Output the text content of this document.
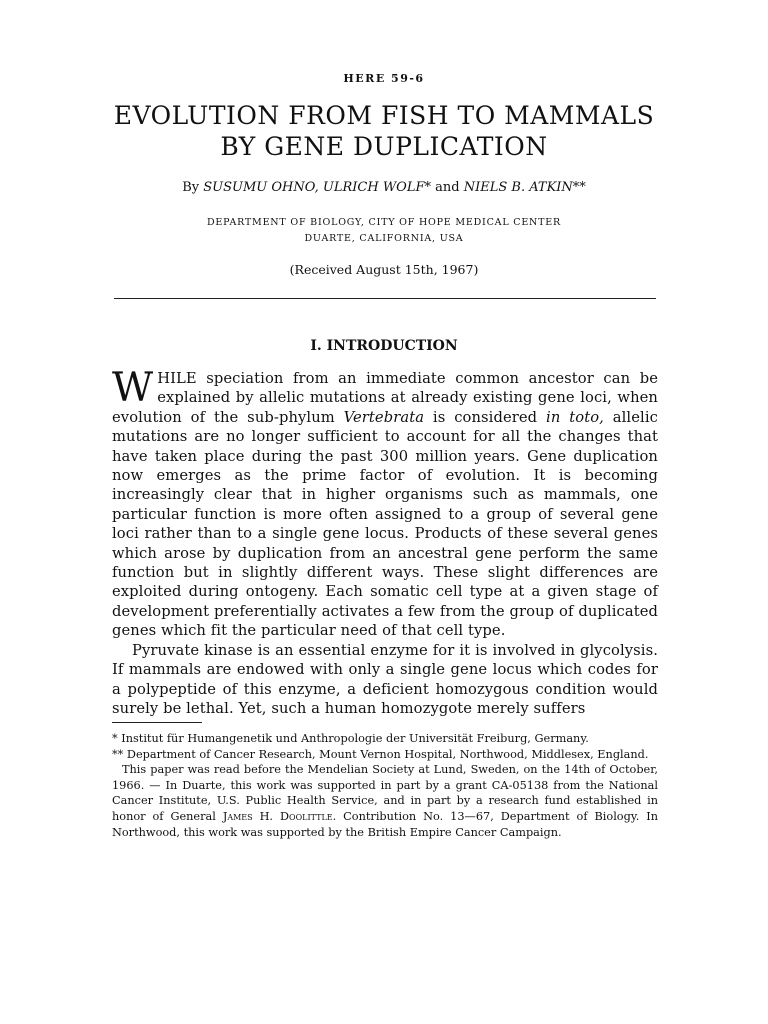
HERE 59-6
EVOLUTION FROM FISH TO MAMMALS
BY GENE DUPLICATION
By SUSUMU OHNO, ULRICH WOLF* and NIELS B. ATKIN**
DEPARTMENT OF BIOLOGY, CITY OF HOPE MEDICAL CENTER
DUARTE, CALIFORNIA, USA
(Received August 15th, 1967)
I. INTRODUCTION

WHILE speciation from an immediate common ancestor can be explained by allelic mutations at already existing gene loci, when evolution of the sub-phylum Vertebrata is considered in toto, allelic mutations are no longer sufficient to account for all the changes that have taken place during the past 300 million years. Gene duplication now emerges as the prime factor of evolution. It is becoming increasingly clear that in higher organisms such as mammals, one particular function is more often assigned to a group of several gene loci rather than to a single gene locus. Products of these several genes which arose by duplication from an ancestral gene perform the same function but in slightly different ways. These slight differences are exploited during ontogeny. Each somatic cell type at a given stage of development preferentially activates a few from the group of duplicated genes which fit the particular need of that cell type.

Pyruvate kinase is an essential enzyme for it is involved in glycolysis. If mammals are endowed with only a single gene locus which codes for a polypeptide of this enzyme, a deficient homozygous condition would surely be lethal. Yet, such a human homozygote merely suffers

* Institut für Humangenetik und Anthropologie der Universität Freiburg, Germany.

** Department of Cancer Research, Mount Vernon Hospital, Northwood, Middlesex, England.

This paper was read before the Mendelian Society at Lund, Sweden, on the 14th of October, 1966. — In Duarte, this work was supported in part by a grant CA-05138 from the National Cancer Institute, U.S. Public Health Service, and in part by a research fund established in honor of General James H. Doolittle. Contribution No. 13—67, Department of Biology. In Northwood, this work was supported by the British Empire Cancer Campaign.
